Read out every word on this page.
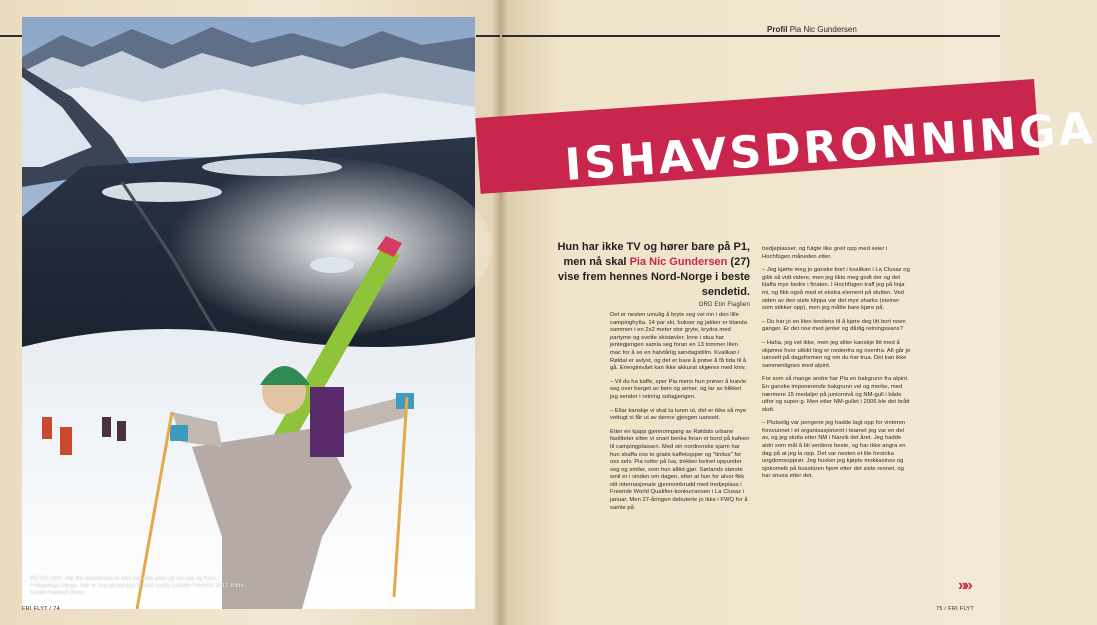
PÅ VEI OPP: Pia Nic Gundersen er ikke høyeste grad på vei opp og fram i Friskjørings-Norge. Her er hun på vei opp til start under Lofoten Freeride 2011. Bilde: Kristin Fosland Olsen
Profil Pia Nic Gundersen
ISHAVSDRONNINGA
Hun har ikke TV og hører bare på P1, men nå skal Pia Nic Gundersen (27) vise frem hennes Nord-Norge i beste sendetid.
ORD Etin Flaglien

Det er nesten umulig å bryte seg vei inn i den lille campinghytta. 14 par ski, bukser og jakker er blanda sammen i en 2x2 meter stor gryte, krydra med partyme og svette skistøvler. Inne i stua har jentegjengen samla seg foran en 13 tommer liten mac for å se en halvtårlig søndagstillm. Kvalikan i Røldal er avlyst, og det er bare å prøve å få tida til å gå. Energinivået kan ikke akkurat skjæres med kniv.

– Vil du ha kaffe, sper Pia mens hun prøver å krøvle seg over berget av bein og armer, og lar av blikket jeg sender i retning sofagjengen.

– Ellar kanskje vi skal ta turen ut, det er ikke så mye vettugt vi får ut av denne gjengen uansett.

Etter en kjapp gjennomgang av Røldals urbane fasiliteter sitter vi snart benka foran et bord på kafeen til campingplassen. Med sin nordnorske sjarm har hun skaffa oss to gratis kaffekopper og "tinitus" for oss selv. Pia rutter på lua, trekker beinet oppunder seg og smiler, som hun alltid gjør. Sørlands største smil er i vinden om dagen, etter at hun for alvor fikk sitt internasjonale gjennombrudd med tredjeplass i Freeride World Qualifier-konkurransen i La Clusaz i januar. Men 27-åringen debuterte jo ikke i FWQ for å samle på

tredjeplasser, og fulgte like greit opp med seier i Hochfügen måneden etter.

– Jeg kjørte meg jo ganske bort i kvalikan i La Clusaz og gikk så vidt videre, men jeg likte meg godt der og det klaffa mye bedre i finalen. I Hochfügen traff jeg på linja mi, og fikk også med et ekstra element på slutten. Ved siden av den siste klippa var det mye sharks (steiner som stikker opp), men jeg måtte bare kjøre på.

– Du har jo en liten tendens til å kjøre deg litt bort noen ganger. Er det noe med jenter og dårlig retningssans?

– Haha, jeg vet ikke, men jeg sliter kanskje litt med å skjønne hvor utkikt ting er nedenfra og ovenfra. Alt går jo uansett på dagsformen og om du har trua. Det kan ikke sammenlignes med alpint.

For som så mange andre har Pia en bakgrunn fra alpint. En ganske imponerende bakgrunn vel og merke, med nærmere 15 medaljer på juniornivå og NM-gull i både utfor og super-g. Men etter NM-gullet i 2006 ble det brått slutt.

– Plutselig var pengene jeg hadde lagt opp for vinteren forsvunnet i et organisasjonsrot i teamet jeg var en del av, og jeg slutta etter NM i Narvik det året. Jeg hadde aldri som mål å bli verdens beste, og har ikke angra en dag på at jeg la opp. Det var nesten et lite forsinka ungdomsopprør. Jeg husker jeg kjøpte mokkasinss og sjokomelk på busstúren hjem etter det siste rennet, og har snusa etter det,

FRI FLYT / 74	75 / FRI FLYT
»»
